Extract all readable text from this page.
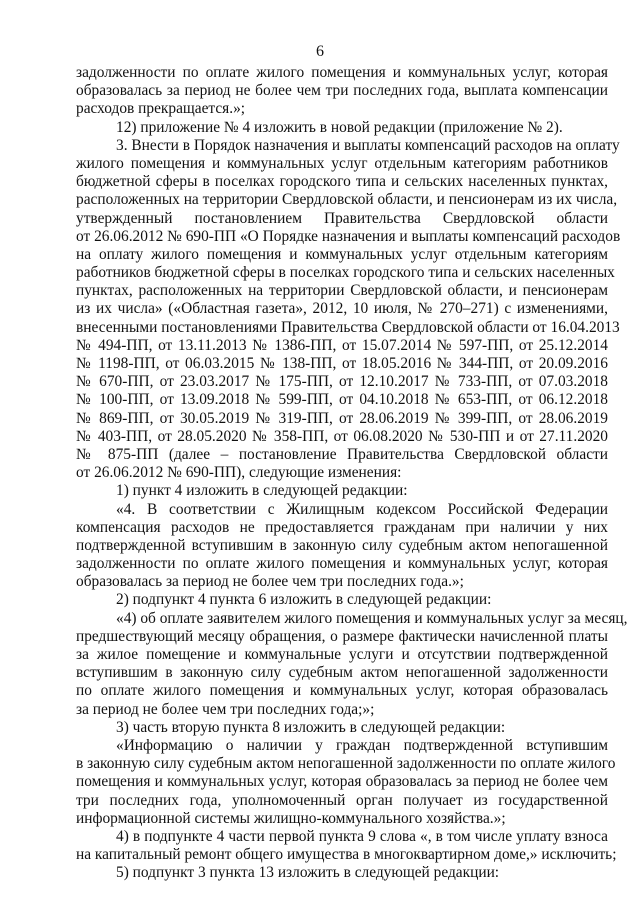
6
задолженности по оплате жилого помещения и коммунальных услуг, которая
образовалась за период не более чем три последних года, выплата компенсации
расходов прекращается.»;
12) приложение № 4 изложить в новой редакции (приложение № 2).
3. Внести в Порядок назначения и выплаты компенсаций расходов на оплату
жилого помещения и коммунальных услуг отдельным категориям работников
бюджетной сферы в поселках городского типа и сельских населенных пунктах,
расположенных на территории Свердловской области, и пенсионерам из их числа,
утвержденный постановлением Правительства Свердловской области
от 26.06.2012 № 690-ПП «О Порядке назначения и выплаты компенсаций расходов
на оплату жилого помещения и коммунальных услуг отдельным категориям
работников бюджетной сферы в поселках городского типа и сельских населенных
пунктах, расположенных на территории Свердловской области, и пенсионерам
из их числа» («Областная газета», 2012, 10 июля, № 270–271) с изменениями,
внесенными постановлениями Правительства Свердловской области от 16.04.2013
№ 494-ПП, от 13.11.2013 № 1386-ПП, от 15.07.2014 № 597-ПП, от 25.12.2014
№ 1198-ПП, от 06.03.2015 № 138-ПП, от 18.05.2016 № 344-ПП, от 20.09.2016
№ 670-ПП, от 23.03.2017 № 175-ПП, от 12.10.2017 № 733-ПП, от 07.03.2018
№ 100-ПП, от 13.09.2018 № 599-ПП, от 04.10.2018 № 653-ПП, от 06.12.2018
№ 869-ПП, от 30.05.2019 № 319-ПП, от 28.06.2019 № 399-ПП, от 28.06.2019
№ 403-ПП, от 28.05.2020 № 358-ПП, от 06.08.2020 № 530-ПП и от 27.11.2020
№ 875-ПП (далее – постановление Правительства Свердловской области
от 26.06.2012 № 690-ПП), следующие изменения:
1) пункт 4 изложить в следующей редакции:
«4. В соответствии с Жилищным кодексом Российской Федерации
компенсация расходов не предоставляется гражданам при наличии у них
подтвержденной вступившим в законную силу судебным актом непогашенной
задолженности по оплате жилого помещения и коммунальных услуг, которая
образовалась за период не более чем три последних года.»;
2) подпункт 4 пункта 6 изложить в следующей редакции:
«4) об оплате заявителем жилого помещения и коммунальных услуг за месяц,
предшествующий месяцу обращения, о размере фактически начисленной платы
за жилое помещение и коммунальные услуги и отсутствии подтвержденной
вступившим в законную силу судебным актом непогашенной задолженности
по оплате жилого помещения и коммунальных услуг, которая образовалась
за период не более чем три последних года;»;
3) часть вторую пункта 8 изложить в следующей редакции:
«Информацию о наличии у граждан подтвержденной вступившим
в законную силу судебным актом непогашенной задолженности по оплате жилого
помещения и коммунальных услуг, которая образовалась за период не более чем
три последних года, уполномоченный орган получает из государственной
информационной системы жилищно-коммунального хозяйства.»;
4) в подпункте 4 части первой пункта 9 слова «, в том числе уплату взноса
на капитальный ремонт общего имущества в многоквартирном доме,» исключить;
5) подпункт 3 пункта 13 изложить в следующей редакции:
